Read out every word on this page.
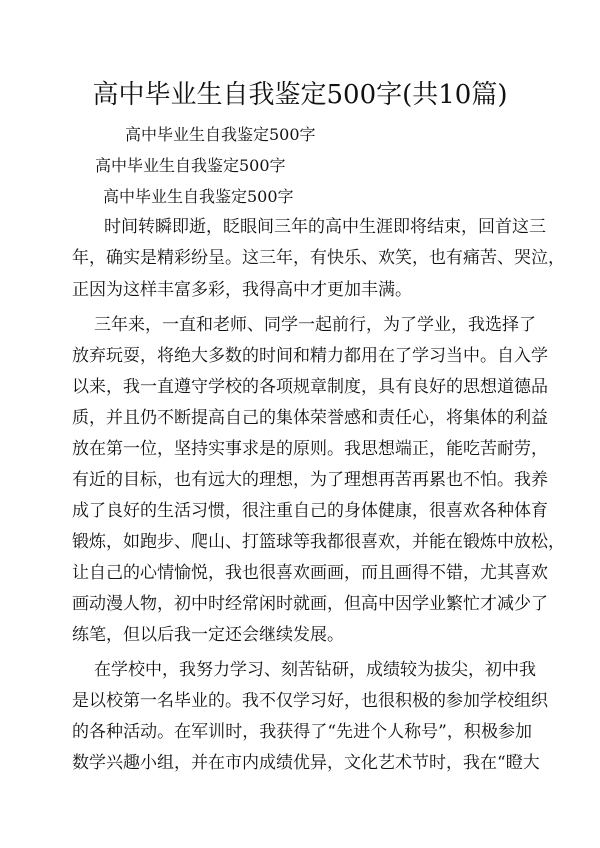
高中毕业生自我鉴定500字(共10篇)
高中毕业生自我鉴定500字
高中毕业生自我鉴定500字
高中毕业生自我鉴定500字
时间转瞬即逝，眨眼间三年的高中生涯即将结束，回首这三
年，确实是精彩纷呈。这三年，有快乐、欢笑，也有痛苦、哭泣，
正因为这样丰富多彩，我得高中才更加丰满。
三年来，一直和老师、同学一起前行，为了学业，我选择了
放弃玩耍，将绝大多数的时间和精力都用在了学习当中。自入学
以来，我一直遵守学校的各项规章制度，具有良好的思想道德品
质，并且仍不断提高自己的集体荣誉感和责任心，将集体的利益
放在第一位，坚持实事求是的原则。我思想端正，能吃苦耐劳，
有近的目标，也有远大的理想，为了理想再苦再累也不怕。我养
成了良好的生活习惯，很注重自己的身体健康，很喜欢各种体育
锻炼，如跑步、爬山、打篮球等我都很喜欢，并能在锻炼中放松，
让自己的心情愉悦，我也很喜欢画画，而且画得不错，尤其喜欢
画动漫人物，初中时经常闲时就画，但高中因学业繁忙才减少了
练笔，但以后我一定还会继续发展。
在学校中，我努力学习、刻苦钻研，成绩较为拔尖，初中我
是以校第一名毕业的。我不仅学习好，也很积极的参加学校组织
的各种活动。在军训时，我获得了“先进个人称号”，积极参加
数学兴趣小组，并在市内成绩优异，文化艺术节时，我在“瞪大
